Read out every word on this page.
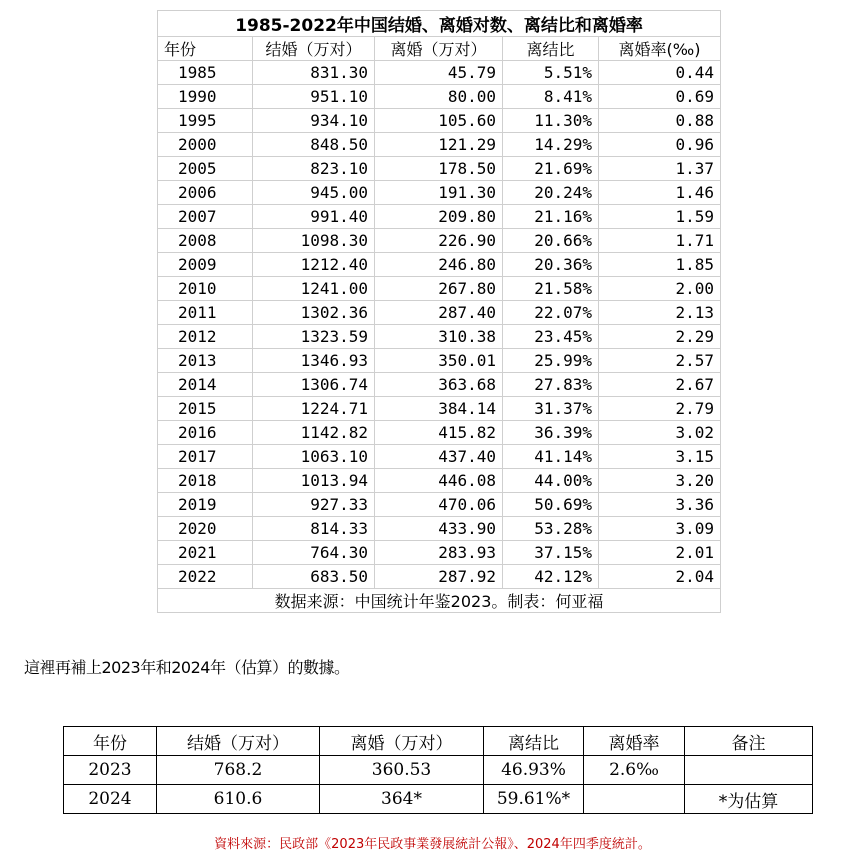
1985-2022年中国结婚、离婚对数、离结比和离婚率				
年份	结婚（万对）	离婚（万对）	离结比	离婚率(‰)
1985	831.30	45.79	5.51%	0.44
1990	951.10	80.00	8.41%	0.69
1995	934.10	105.60	11.30%	0.88
2000	848.50	121.29	14.29%	0.96
2005	823.10	178.50	21.69%	1.37
2006	945.00	191.30	20.24%	1.46
2007	991.40	209.80	21.16%	1.59
2008	1098.30	226.90	20.66%	1.71
2009	1212.40	246.80	20.36%	1.85
2010	1241.00	267.80	21.58%	2.00
2011	1302.36	287.40	22.07%	2.13
2012	1323.59	310.38	23.45%	2.29
2013	1346.93	350.01	25.99%	2.57
2014	1306.74	363.68	27.83%	2.67
2015	1224.71	384.14	31.37%	2.79
2016	1142.82	415.82	36.39%	3.02
2017	1063.10	437.40	41.14%	3.15
2018	1013.94	446.08	44.00%	3.20
2019	927.33	470.06	50.69%	3.36
2020	814.33	433.90	53.28%	3.09
2021	764.30	283.93	37.15%	2.01
2022	683.50	287.92	42.12%	2.04
数据来源：中国统计年鉴2023。制表：何亚福				
這裡再補上2023年和2024年（估算）的數據。
年份	结婚（万对）	离婚（万对）	离结比	离婚率	备注
2023	768.2	360.53	46.93%	2.6‰	
2024	610.6	364*	59.61%*		*为估算
資料來源：民政部《2023年民政事業發展統計公報》、2024年四季度統計。
